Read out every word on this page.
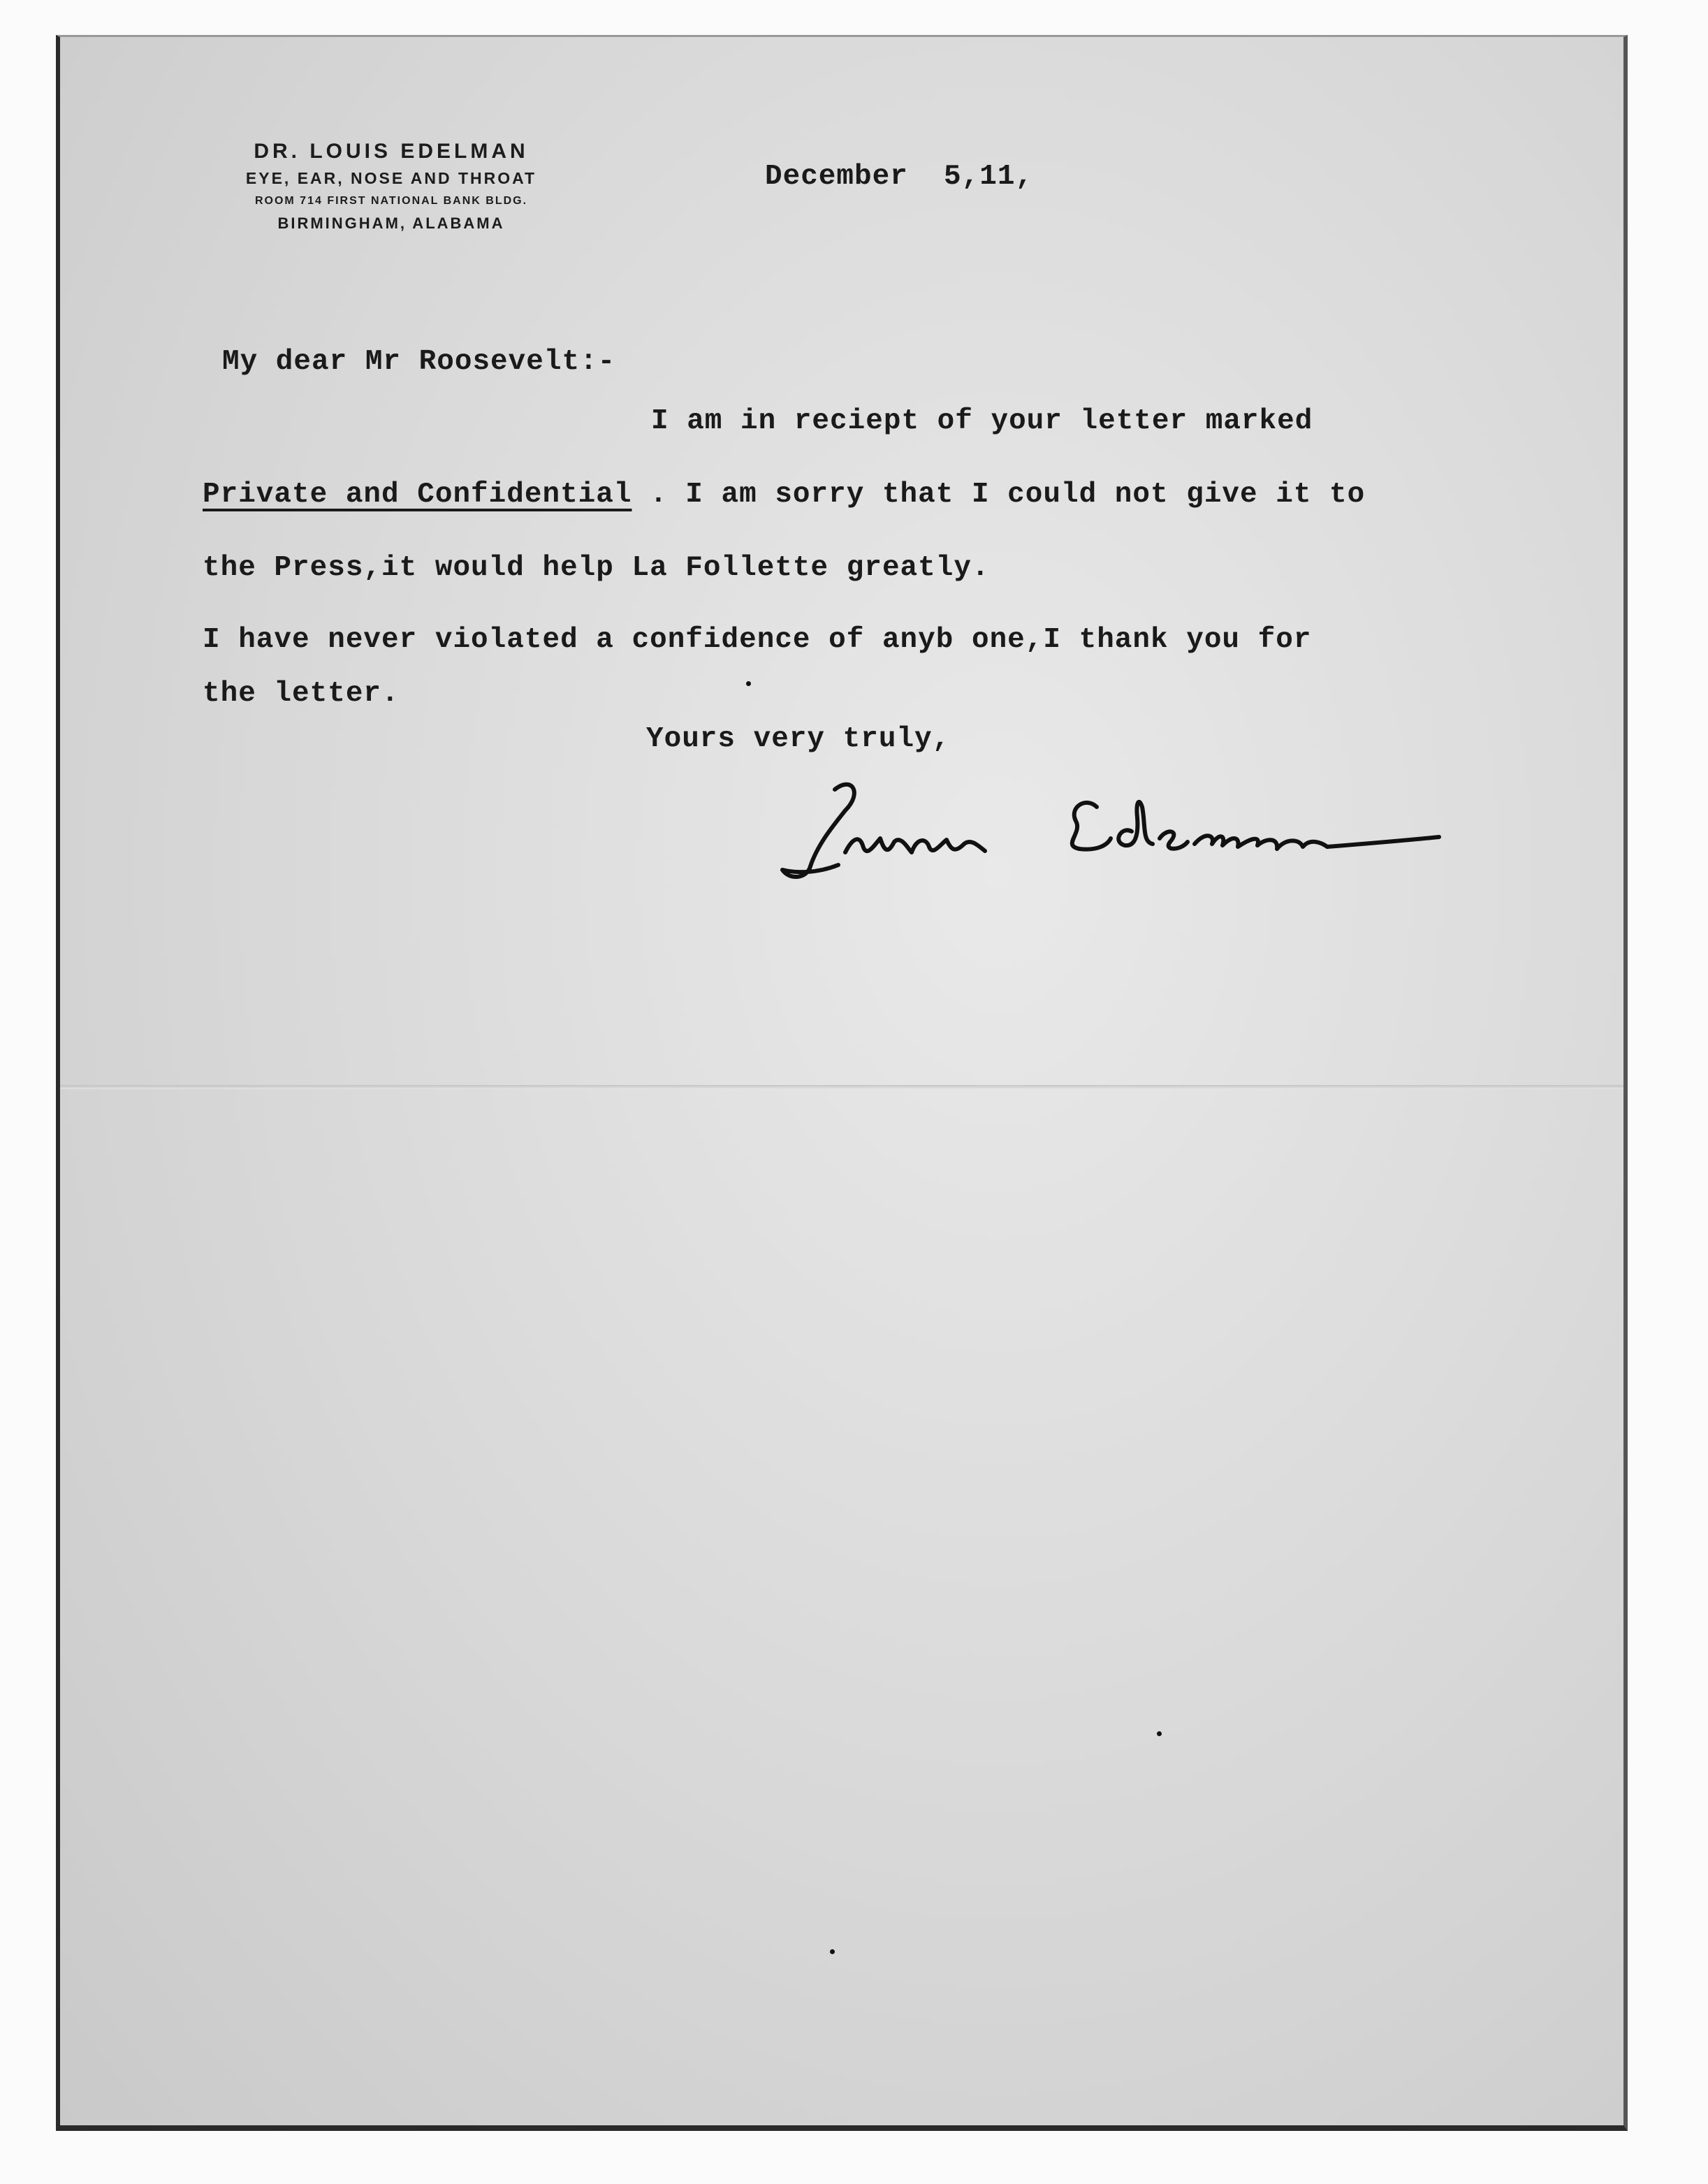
DR. LOUIS EDELMAN
EYE, EAR, NOSE AND THROAT
ROOM 714 FIRST NATIONAL BANK BLDG.
BIRMINGHAM, ALABAMA
December  5,11,
My dear Mr Roosevelt:-
I am in reciept of your letter marked
Private and Confidential . I am sorry that I could not give it to
the Press,it would help La Follette greatly.
I have never violated a confidence of anyb one,I thank you for
the letter.
Yours very truly,
